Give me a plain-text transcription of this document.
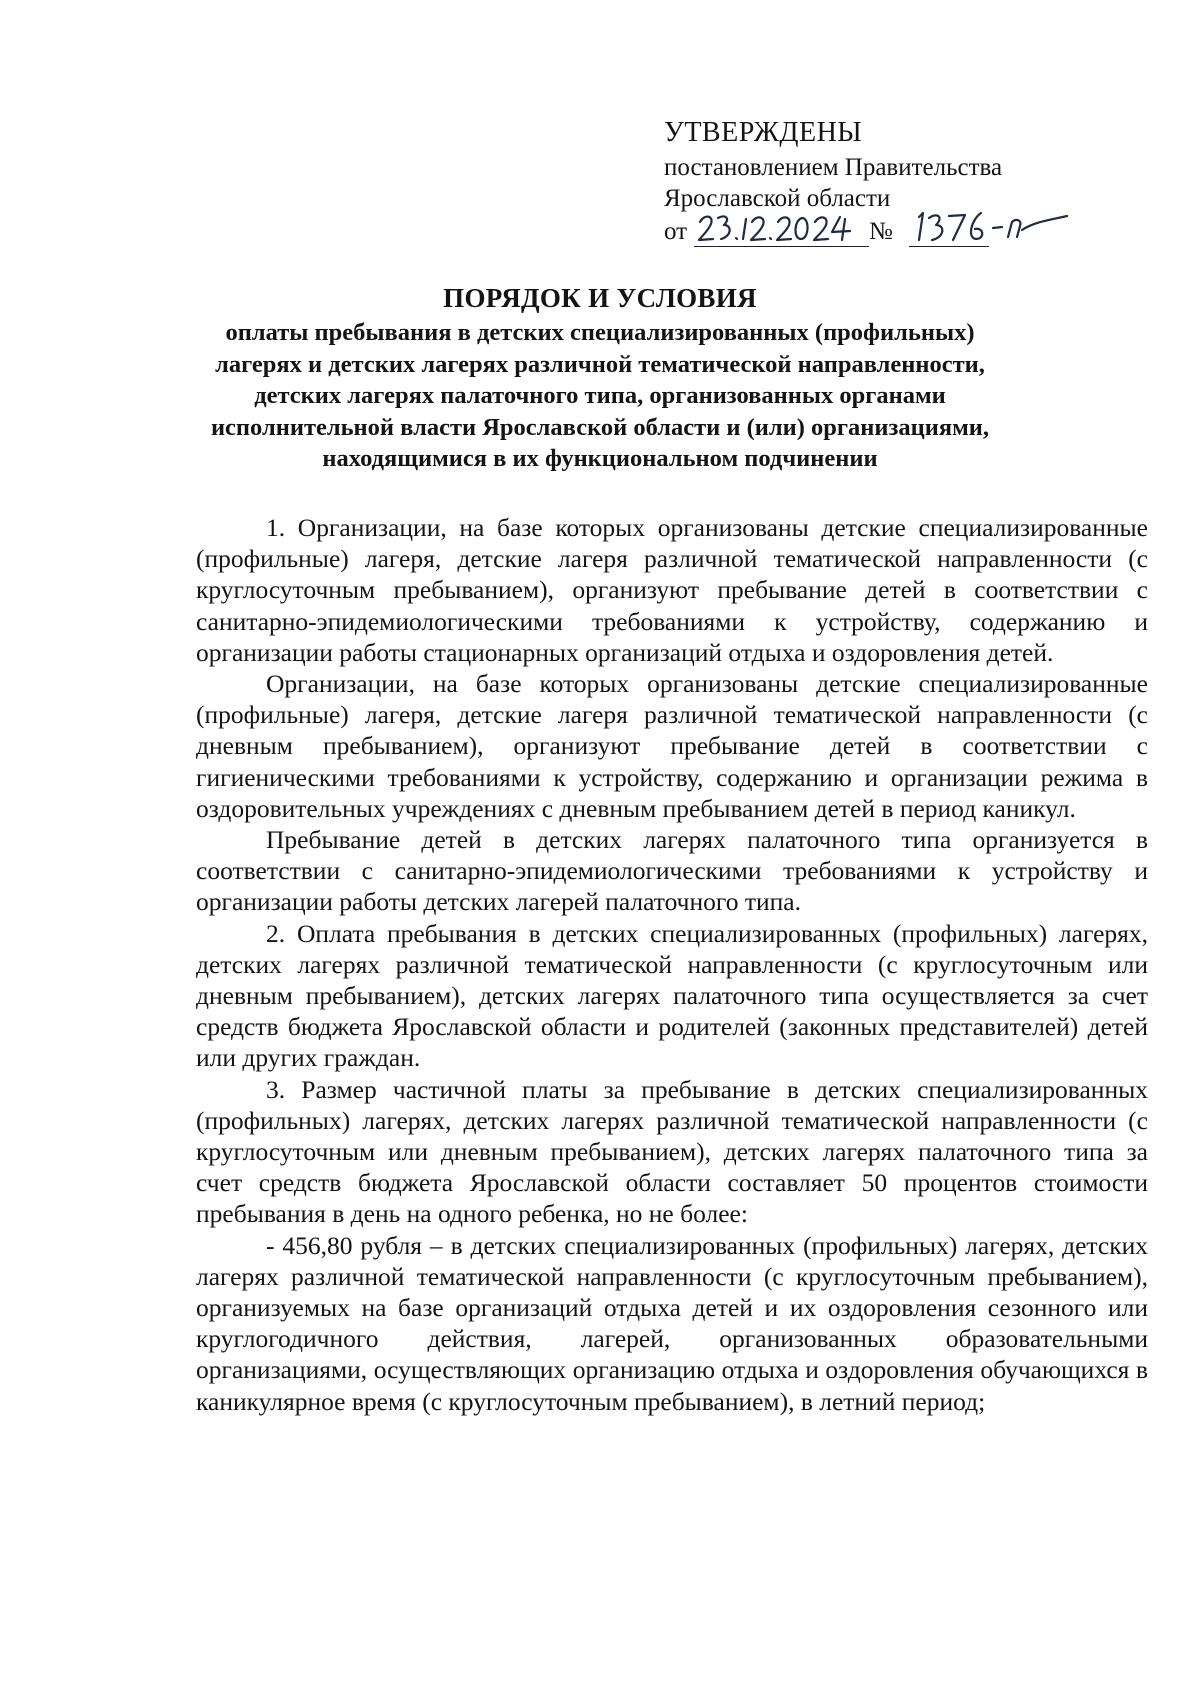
УТВЕРЖДЕНЫ
постановлением Правительства
Ярославской области
от	№
ПОРЯДОК И УСЛОВИЯ
оплаты пребывания в детских специализированных (профильных)
лагерях и детских лагерях различной тематической направленности,
детских лагерях палаточного типа, организованных органами
исполнительной власти Ярославской области и (или) организациями,
находящимися в их функциональном подчинении

1. Организации, на базе которых организованы детские специализированные (профильные) лагеря, детские лагеря различной тематической направленности (с круглосуточным пребыванием), организуют пребывание детей в соответствии с санитарно-эпидемиологическими требованиями к устройству, содержанию и организации работы стационарных организаций отдыха и оздоровления детей.

Организации, на базе которых организованы детские специализированные (профильные) лагеря, детские лагеря различной тематической направленности (с дневным пребыванием), организуют пребывание детей в соответствии с гигиеническими требованиями к устройству, содержанию и организации режима в оздоровительных учреждениях с дневным пребыванием детей в период каникул.

Пребывание детей в детских лагерях палаточного типа организуется в соответствии с санитарно-эпидемиологическими требованиями к устройству и организации работы детских лагерей палаточного типа.

2. Оплата пребывания в детских специализированных (профильных) лагерях, детских лагерях различной тематической направленности (с круглосуточным или дневным пребыванием), детских лагерях палаточного типа осуществляется за счет средств бюджета Ярославской области и родителей (законных представителей) детей или других граждан.

3. Размер частичной платы за пребывание в детских специализированных (профильных) лагерях, детских лагерях различной тематической направленности (с круглосуточным или дневным пребыванием), детских лагерях палаточного типа за счет средств бюджета Ярославской области составляет 50 процентов стоимости пребывания в день на одного ребенка, но не более:

- 456,80 рубля – в детских специализированных (профильных) лагерях, детских лагерях различной тематической направленности (с круглосуточным пребыванием), организуемых на базе организаций отдыха детей и их оздоровления сезонного или круглогодичного действия, лагерей, организованных образовательными организациями, осуществляющих организацию отдыха и оздоровления обучающихся в каникулярное время (с круглосуточным пребыванием), в летний период;
